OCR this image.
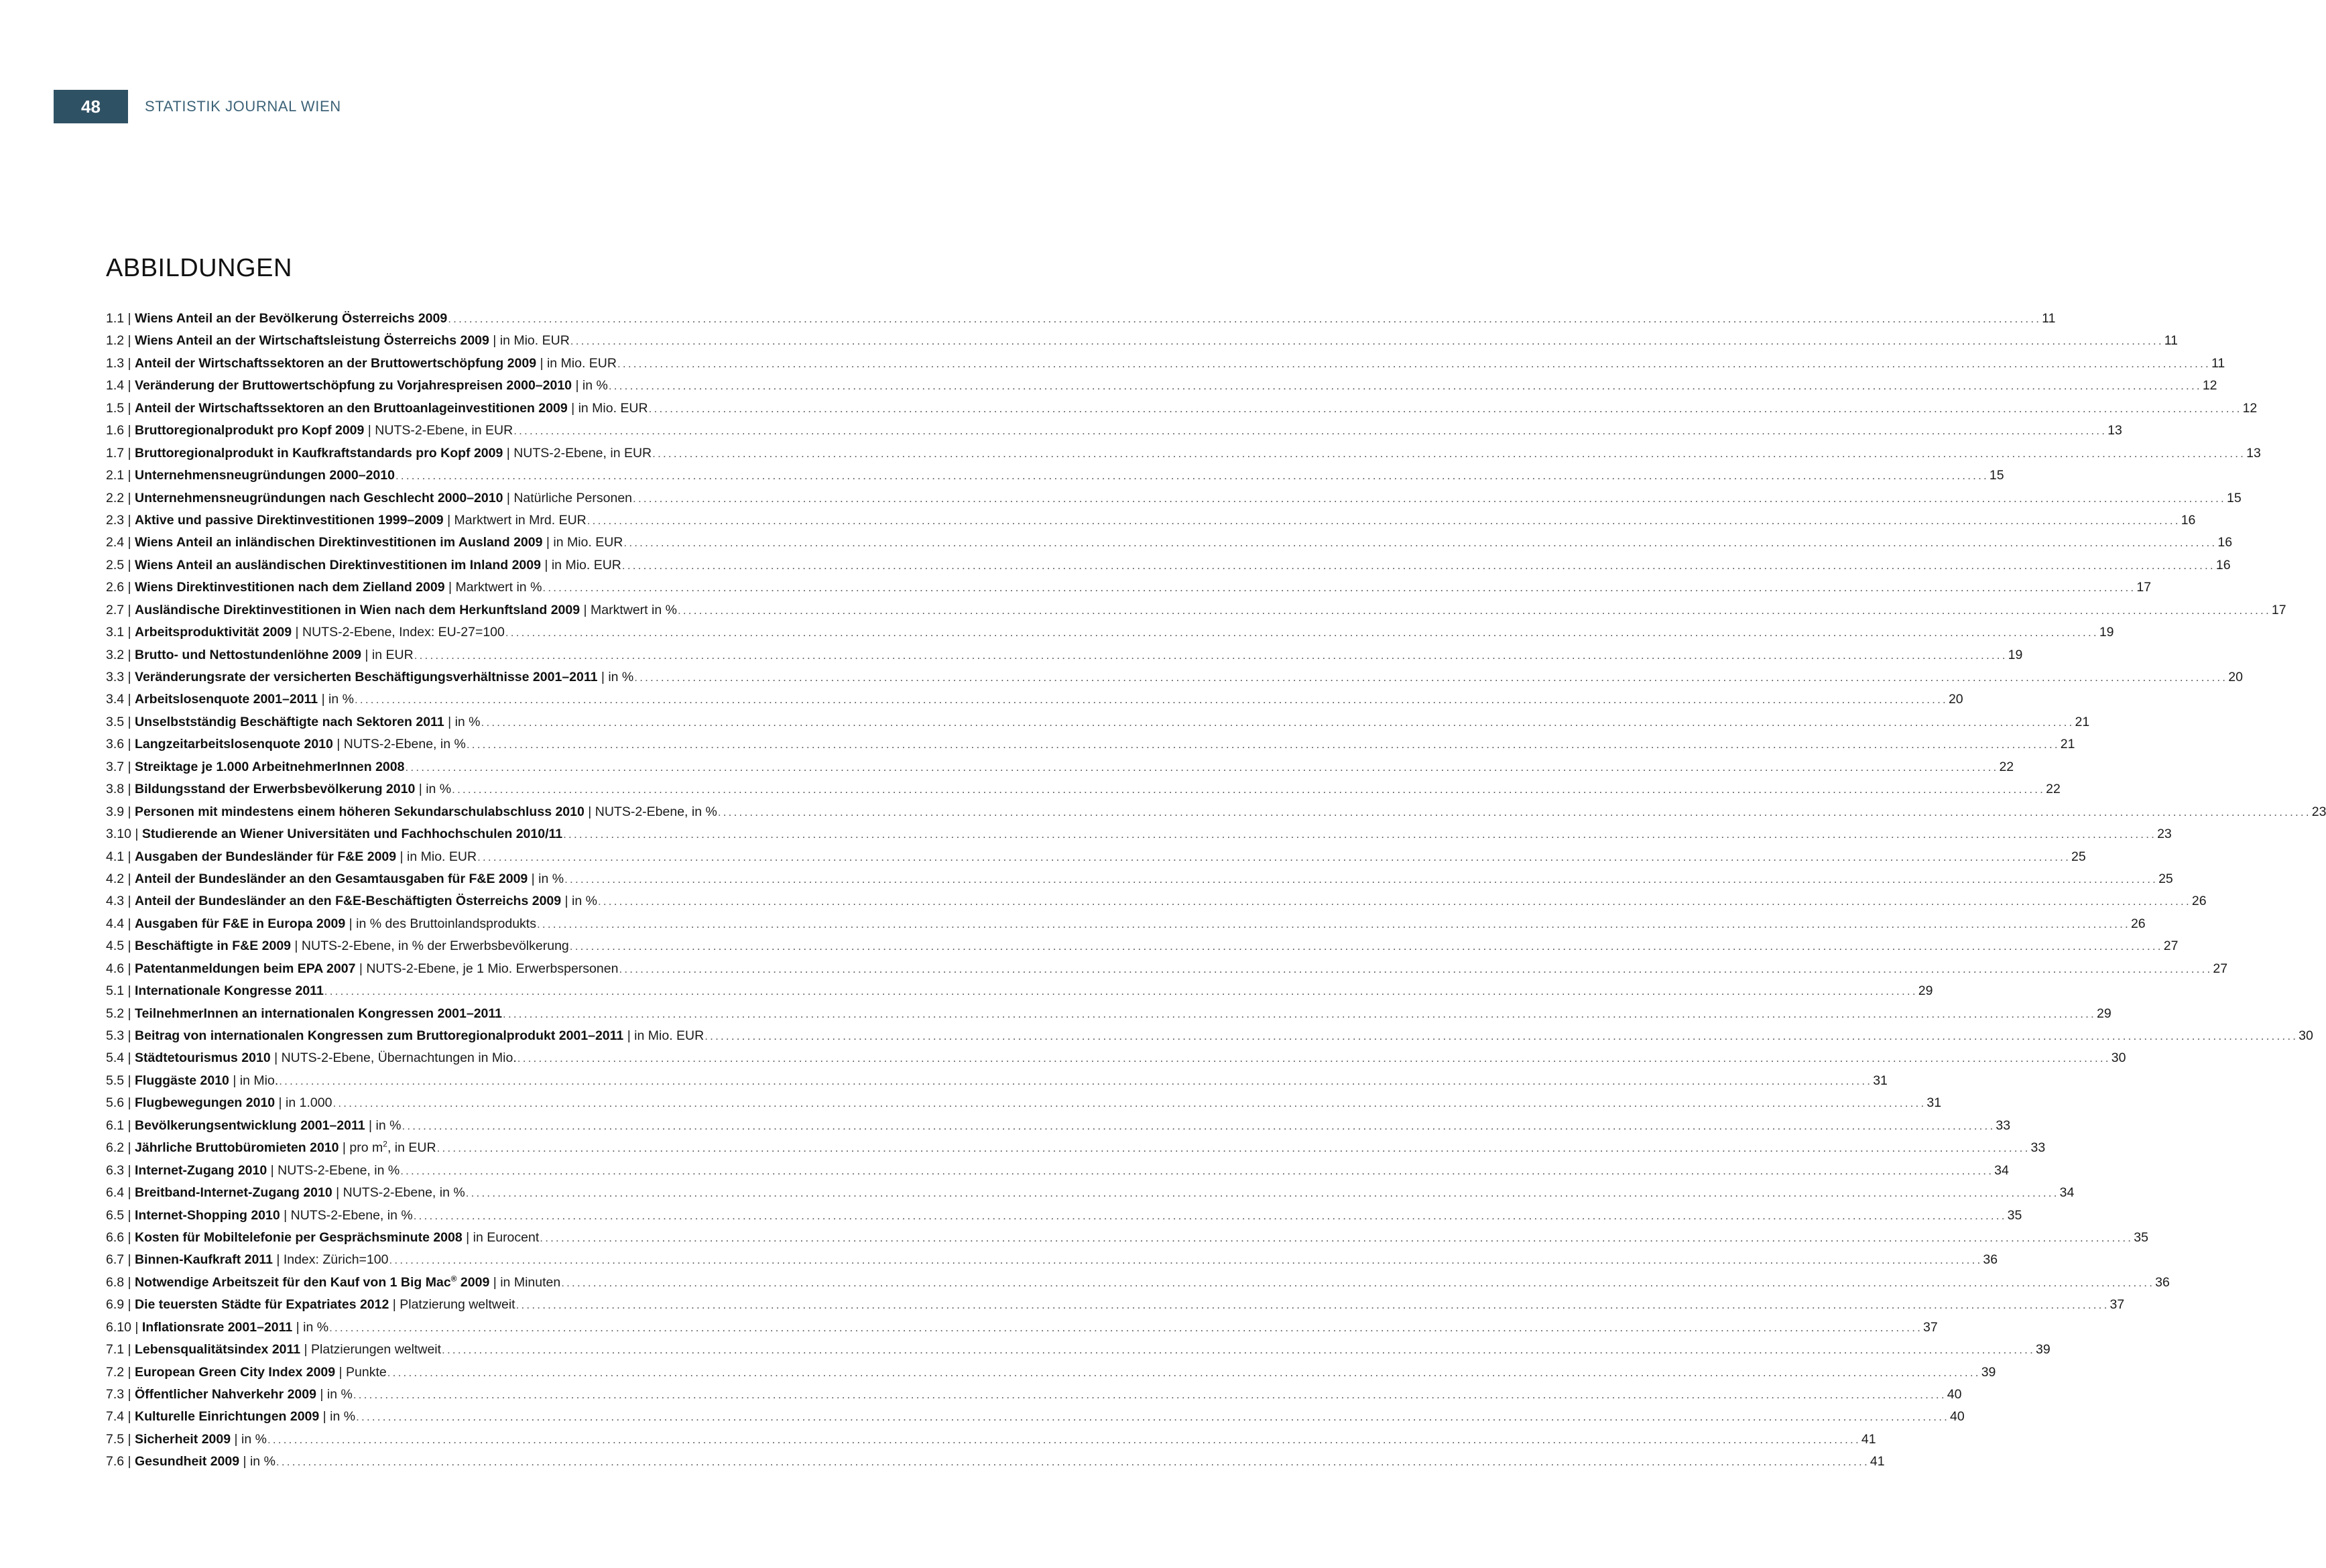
48	STATISTIK JOURNAL WIEN
ABBILDUNGEN
1.1 |
Wiens Anteil an der Bevölkerung Österreichs 2009 ............................................................................................................................................................................................................................................................................................................ 11
1.2 |
Wiens Anteil an der Wirtschaftsleistung Österreichs 2009 | in Mio. EUR ............................................................................................................................................................................................................................................................................................................ 11
1.3 |
Anteil der Wirtschaftssektoren an der Bruttowertschöpfung 2009 | in Mio. EUR ............................................................................................................................................................................................................................................................................................................ 11
1.4 |
Veränderung der Bruttowertschöpfung zu Vorjahrespreisen 2000–2010 | in % ............................................................................................................................................................................................................................................................................................................ 12
1.5 |
Anteil der Wirtschaftssektoren an den Bruttoanlageinvestitionen 2009 | in Mio. EUR ............................................................................................................................................................................................................................................................................................................ 12
1.6 |
Bruttoregionalprodukt pro Kopf 2009 | NUTS-2-Ebene, in EUR ............................................................................................................................................................................................................................................................................................................ 13
1.7 |
Bruttoregionalprodukt in Kaufkraftstandards pro Kopf 2009 | NUTS-2-Ebene, in EUR ............................................................................................................................................................................................................................................................................................................ 13
2.1 |
Unternehmensneugründungen 2000–2010 ............................................................................................................................................................................................................................................................................................................ 15
2.2 |
Unternehmensneugründungen nach Geschlecht 2000–2010 | Natürliche Personen ............................................................................................................................................................................................................................................................................................................ 15
2.3 |
Aktive und passive Direktinvestitionen 1999–2009 | Marktwert in Mrd. EUR ............................................................................................................................................................................................................................................................................................................ 16
2.4 |
Wiens Anteil an inländischen Direktinvestitionen im Ausland 2009 | in Mio. EUR ............................................................................................................................................................................................................................................................................................................ 16
2.5 |
Wiens Anteil an ausländischen Direktinvestitionen im Inland 2009 | in Mio. EUR ............................................................................................................................................................................................................................................................................................................ 16
2.6 |
Wiens Direktinvestitionen nach dem Zielland 2009 | Marktwert in % ............................................................................................................................................................................................................................................................................................................ 17
2.7 |
Ausländische Direktinvestitionen in Wien nach dem Herkunftsland 2009 | Marktwert in % ............................................................................................................................................................................................................................................................................................................ 17
3.1 |
Arbeitsproduktivität 2009 | NUTS-2-Ebene, Index: EU-27=100 ............................................................................................................................................................................................................................................................................................................ 19
3.2 |
Brutto- und Nettostundenlöhne 2009 | in EUR ............................................................................................................................................................................................................................................................................................................ 19
3.3 |
Veränderungsrate der versicherten Beschäftigungsverhältnisse 2001–2011 | in % ............................................................................................................................................................................................................................................................................................................ 20
3.4 |
Arbeitslosenquote 2001–2011 | in % ............................................................................................................................................................................................................................................................................................................ 20
3.5 |
Unselbstständig Beschäftigte nach Sektoren 2011 | in % ............................................................................................................................................................................................................................................................................................................ 21
3.6 |
Langzeitarbeitslosenquote 2010 | NUTS-2-Ebene, in % ............................................................................................................................................................................................................................................................................................................ 21
3.7 |
Streiktage je 1.000 ArbeitnehmerInnen 2008 ............................................................................................................................................................................................................................................................................................................ 22
3.8 |
Bildungsstand der Erwerbsbevölkerung 2010 | in % ............................................................................................................................................................................................................................................................................................................ 22
3.9 |
Personen mit mindestens einem höheren Sekundarschulabschluss 2010 | NUTS-2-Ebene, in % ............................................................................................................................................................................................................................................................................................................ 23
3.10 |
Studierende an Wiener Universitäten und Fachhochschulen 2010/11 ............................................................................................................................................................................................................................................................................................................ 23
4.1 |
Ausgaben der Bundesländer für F&E 2009 | in Mio. EUR ............................................................................................................................................................................................................................................................................................................ 25
4.2 |
Anteil der Bundesländer an den Gesamtausgaben für F&E 2009 | in % ............................................................................................................................................................................................................................................................................................................ 25
4.3 |
Anteil der Bundesländer an den F&E-Beschäftigten Österreichs 2009 | in % ............................................................................................................................................................................................................................................................................................................ 26
4.4 |
Ausgaben für F&E in Europa 2009 | in % des Bruttoinlandsprodukts ............................................................................................................................................................................................................................................................................................................ 26
4.5 |
Beschäftigte in F&E 2009 | NUTS-2-Ebene, in % der Erwerbsbevölkerung ............................................................................................................................................................................................................................................................................................................ 27
4.6 |
Patentanmeldungen beim EPA 2007 | NUTS-2-Ebene, je 1 Mio. Erwerbspersonen ............................................................................................................................................................................................................................................................................................................ 27
5.1 |
Internationale Kongresse 2011 ............................................................................................................................................................................................................................................................................................................ 29
5.2 |
TeilnehmerInnen an internationalen Kongressen 2001–2011 ............................................................................................................................................................................................................................................................................................................ 29
5.3 |
Beitrag von internationalen Kongressen zum Bruttoregionalprodukt 2001–2011 | in Mio. EUR ............................................................................................................................................................................................................................................................................................................ 30
5.4 |
Städtetourismus 2010 | NUTS-2-Ebene, Übernachtungen in Mio. ............................................................................................................................................................................................................................................................................................................ 30
5.5 |
Fluggäste 2010 | in Mio. ............................................................................................................................................................................................................................................................................................................ 31
5.6 |
Flugbewegungen 2010 | in 1.000 ............................................................................................................................................................................................................................................................................................................ 31
6.1 |
Bevölkerungsentwicklung 2001–2011 | in % ............................................................................................................................................................................................................................................................................................................ 33
6.2 |
Jährliche Bruttobüromieten 2010 | pro $m^2$, in EUR ............................................................................................................................................................................................................................................................................................................ 33
6.3 |
Internet-Zugang 2010 | NUTS-2-Ebene, in % ............................................................................................................................................................................................................................................................................................................ 34
6.4 |
Breitband-Internet-Zugang 2010 | NUTS-2-Ebene, in % ............................................................................................................................................................................................................................................................................................................ 34
6.5 |
Internet-Shopping 2010 | NUTS-2-Ebene, in % ............................................................................................................................................................................................................................................................................................................ 35
6.6 |
Kosten für Mobiltelefonie per Gesprächsminute 2008 | in Eurocent ............................................................................................................................................................................................................................................................................................................ 35
6.7 |
Binnen-Kaufkraft 2011 | Index: Zürich=100 ............................................................................................................................................................................................................................................................................................................ 36
6.8 |
Notwendige Arbeitszeit für den Kauf von 1 Big Mac® 2009 | in Minuten ............................................................................................................................................................................................................................................................................................................ 36
6.9 |
Die teuersten Städte für Expatriates 2012 | Platzierung weltweit ............................................................................................................................................................................................................................................................................................................ 37
6.10 |
Inflationsrate 2001–2011 | in % ............................................................................................................................................................................................................................................................................................................ 37
7.1 |
Lebensqualitätsindex 2011 | Platzierungen weltweit ............................................................................................................................................................................................................................................................................................................ 39
7.2 |
European Green City Index 2009 | Punkte ............................................................................................................................................................................................................................................................................................................ 39
7.3 |
Öffentlicher Nahverkehr 2009 | in % ............................................................................................................................................................................................................................................................................................................ 40
7.4 |
Kulturelle Einrichtungen 2009 | in % ............................................................................................................................................................................................................................................................................................................ 40
7.5 |
Sicherheit 2009 | in % ............................................................................................................................................................................................................................................................................................................ 41
7.6 |
Gesundheit 2009 | in % ............................................................................................................................................................................................................................................................................................................ 41
